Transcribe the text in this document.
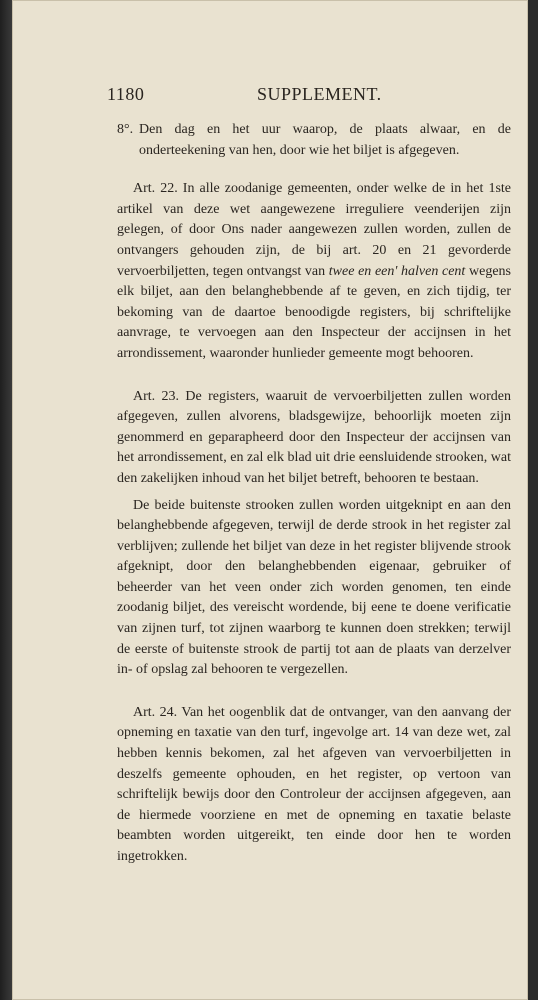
1180	SUPPLEMENT.

8°. Den dag en het uur waarop, de plaats alwaar, en de onderteekening van hen, door wie het biljet is afgegeven.

Art. 22. In alle zoodanige gemeenten, onder welke de in het 1ste artikel van deze wet aangewezene irreguliere veenderijen zijn gelegen, of door Ons nader aangewezen zullen worden, zullen de ontvangers gehouden zijn, de bij art. 20 en 21 gevorderde vervoerbiljetten, tegen ontvangst van twee en een' halven cent wegens elk biljet, aan den belanghebbende af te geven, en zich tijdig, ter bekoming van de daartoe benoodigde registers, bij schriftelijke aanvrage, te vervoegen aan den Inspecteur der accijnsen in het arrondissement, waaronder hunlieder gemeente mogt behooren.

Art. 23. De registers, waaruit de vervoerbiljetten zullen worden afgegeven, zullen alvorens, bladsgewijze, behoorlijk moeten zijn genommerd en geparapheerd door den Inspecteur der accijnsen van het arrondissement, en zal elk blad uit drie eensluidende strooken, wat den zakelijken inhoud van het biljet betreft, behooren te bestaan.

De beide buitenste strooken zullen worden uitgeknipt en aan den belanghebbende afgegeven, terwijl de derde strook in het register zal verblijven; zullende het biljet van deze in het register blijvende strook afgeknipt, door den belanghebbenden eigenaar, gebruiker of beheerder van het veen onder zich worden genomen, ten einde zoodanig biljet, des vereischt wordende, bij eene te doene verificatie van zijnen turf, tot zijnen waarborg te kunnen doen strekken; terwijl de eerste of buitenste strook de partij tot aan de plaats van derzelver in- of opslag zal behooren te vergezellen.

Art. 24. Van het oogenblik dat de ontvanger, van den aanvang der opneming en taxatie van den turf, ingevolge art. 14 van deze wet, zal hebben kennis bekomen, zal het afgeven van vervoerbiljetten in deszelfs gemeente ophouden, en het register, op vertoon van schriftelijk bewijs door den Controleur der accijnsen afgegeven, aan de hiermede voorziene en met de opneming en taxatie belaste beambten worden uitgereikt, ten einde door hen te worden ingetrokken.
